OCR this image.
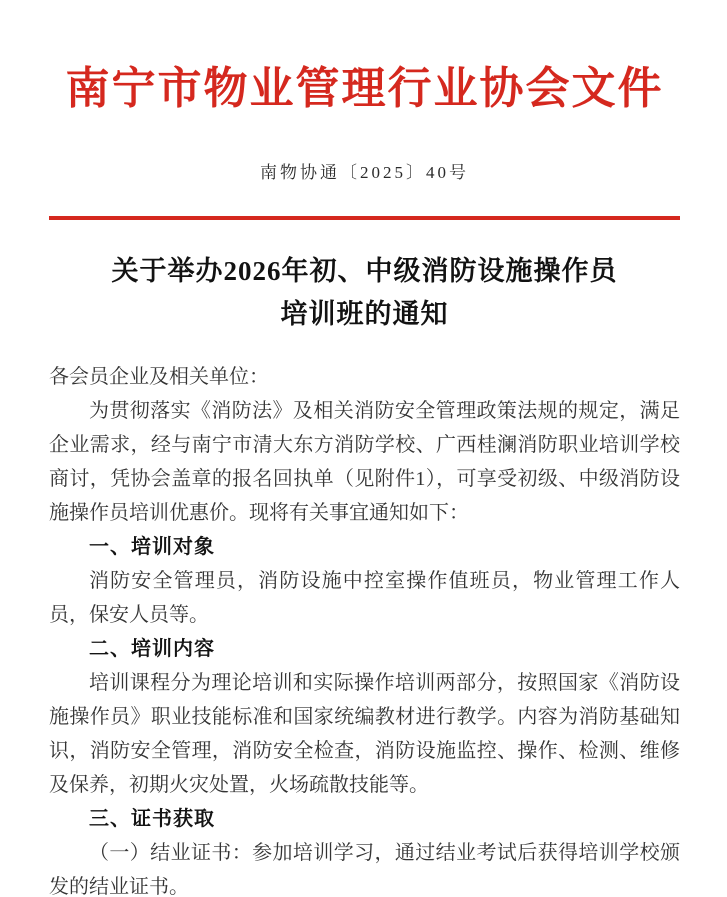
南宁市物业管理行业协会文件
南物协通〔2025〕40号
关于举办2026年初、中级消防设施操作员
培训班的通知

各会员企业及相关单位：

为贯彻落实《消防法》及相关消防安全管理政策法规的规定，满足企业需求，经与南宁市清大东方消防学校、广西桂澜消防职业培训学校商讨，凭协会盖章的报名回执单（见附件1），可享受初级、中级消防设施操作员培训优惠价。现将有关事宜通知如下：

一、培训对象

消防安全管理员，消防设施中控室操作值班员，物业管理工作人员，保安人员等。

二、培训内容

培训课程分为理论培训和实际操作培训两部分，按照国家《消防设施操作员》职业技能标准和国家统编教材进行教学。内容为消防基础知识，消防安全管理，消防安全检查，消防设施监控、操作、检测、维修及保养，初期火灾处置，火场疏散技能等。

三、证书获取

（一）结业证书：参加培训学习，通过结业考试后获得培训学校颁发的结业证书。
